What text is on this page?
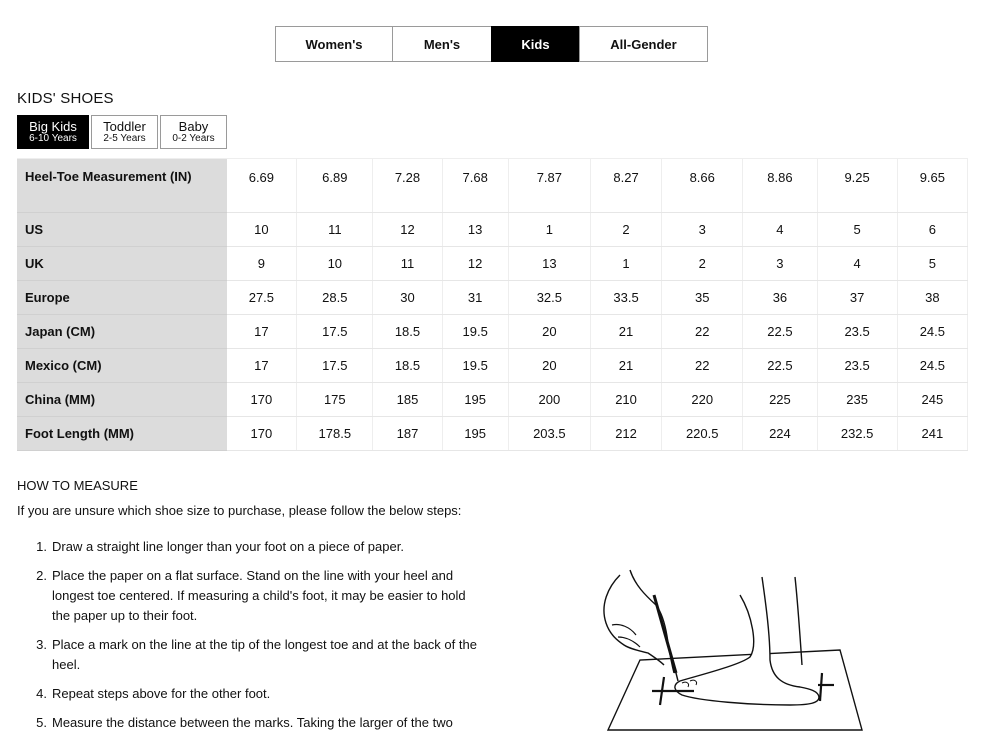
Women's	Men's	Kids	All-Gender
KIDS' SHOES
Big Kids
6-10 Years
Toddler
2-5 Years
Baby
0-2 Years
Heel-Toe Measurement (IN)	6.69	6.89	7.28	7.68	7.87	8.27	8.66	8.86	9.25	9.65
US	10	11	12	13	1	2	3	4	5	6
UK	9	10	11	12	13	1	2	3	4	5
Europe	27.5	28.5	30	31	32.5	33.5	35	36	37	38
Japan (CM)	17	17.5	18.5	19.5	20	21	22	22.5	23.5	24.5
Mexico (CM)	17	17.5	18.5	19.5	20	21	22	22.5	23.5	24.5
China (MM)	170	175	185	195	200	210	220	225	235	245
Foot Length (MM)	170	178.5	187	195	203.5	212	220.5	224	232.5	241
HOW TO MEASURE

If you are unsure which shoe size to purchase, please follow the below steps:

1. Draw a straight line longer than your foot on a piece of paper.
2. Place the paper on a flat surface. Stand on the line with your heel and longest toe centered. If measuring a child's foot, it may be easier to hold the paper up to their foot.
3. Place a mark on the line at the tip of the longest toe and at the back of the heel.
4. Repeat steps above for the other foot.
5. Measure the distance between the marks. Taking the larger of the two
